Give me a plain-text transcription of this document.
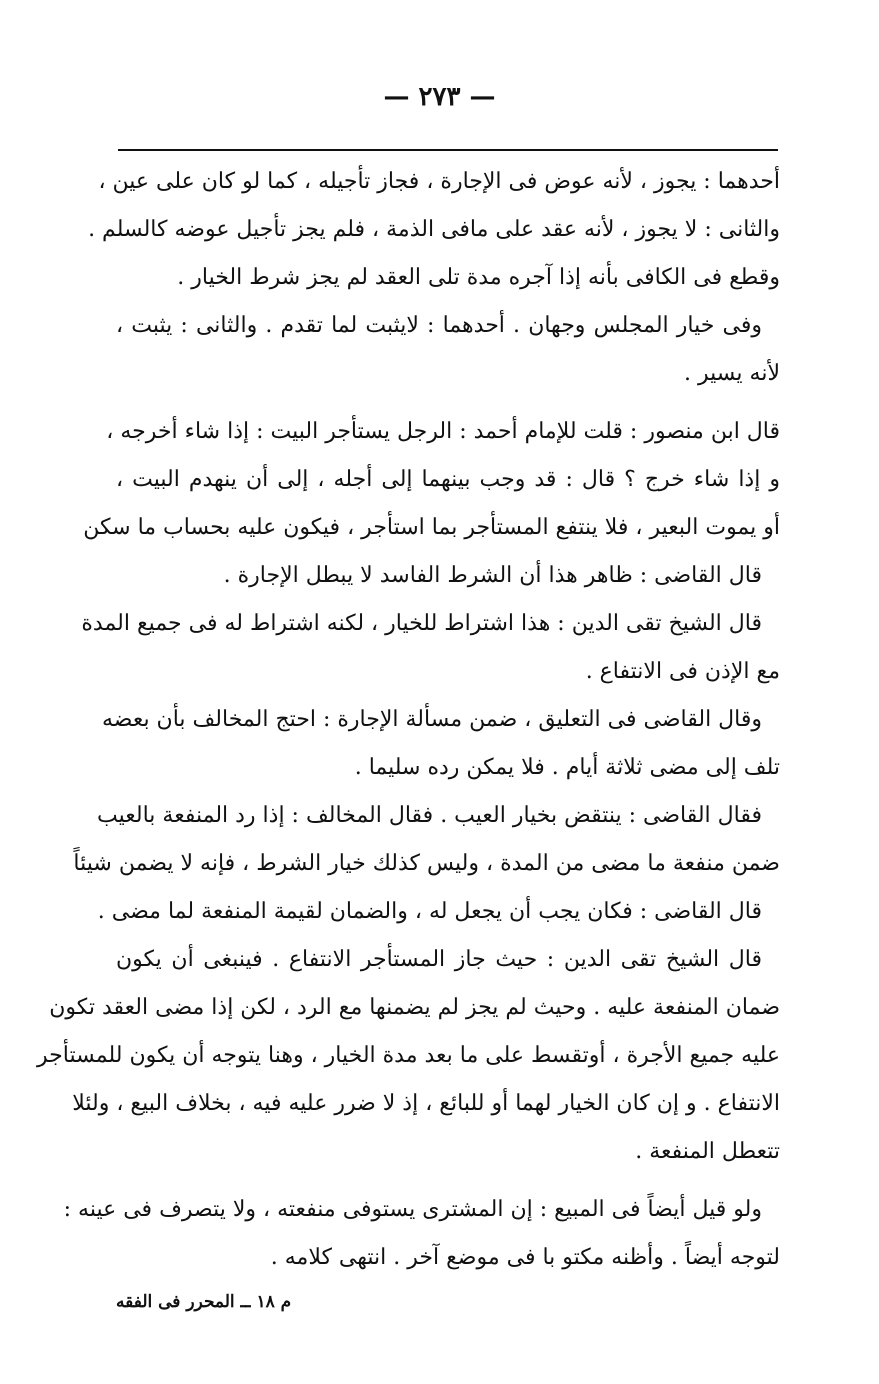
— ٢٧٣ —

أحدهما : يجوز ، لأنه عوض فى الإجارة ، فجاز تأجيله ، كما لو كان على عين ،
والثانى : لا يجوز ، لأنه عقد على مافى الذمة ، فلم يجز تأجيل عوضه كالسلم .

وقطع فى الكافى بأنه إذا آجره مدة تلى العقد لم يجز شرط الخيار .

وفى خيار المجلس وجهان . أحدهما : لايثبت لما تقدم . والثانى : يثبت ،
لأنه يسير .

قال ابن منصور : قلت للإمام أحمد : الرجل يستأجر البيت : إذا شاء أخرجه ،
و إذا شاء خرج ؟ قال : قد وجب بينهما إلى أجله ، إلى أن ينهدم البيت ،
أو يموت البعير ، فلا ينتفع المستأجر بما استأجر ، فيكون عليه بحساب ما سكن

قال القاضى : ظاهر هذا أن الشرط الفاسد لا يبطل الإجارة .

قال الشيخ تقى الدين : هذا اشتراط للخيار ، لكنه اشتراط له فى جميع المدة
مع الإذن فى الانتفاع .

وقال القاضى فى التعليق ، ضمن مسألة الإجارة : احتج المخالف بأن بعضه
تلف إلى مضى ثلاثة أيام . فلا يمكن رده سليما .

فقال القاضى : ينتقض بخيار العيب . فقال المخالف : إذا رد المنفعة بالعيب
ضمن منفعة ما مضى من المدة ، وليس كذلك خيار الشرط ، فإنه لا يضمن شيئاً

قال القاضى : فكان يجب أن يجعل له ، والضمان لقيمة المنفعة لما مضى .

قال الشيخ تقى الدين : حيث جاز المستأجر الانتفاع . فينبغى أن يكون
ضمان المنفعة عليه . وحيث لم يجز لم يضمنها مع الرد ، لكن إذا مضى العقد تكون
عليه جميع الأجرة ، أوتقسط على ما بعد مدة الخيار ، وهنا يتوجه أن يكون للمستأجر
الانتفاع . و إن كان الخيار لهما أو للبائع ، إذ لا ضرر عليه فيه ، بخلاف البيع ، ولئلا
تتعطل المنفعة .

ولو قيل أيضاً فى المبيع : إن المشترى يستوفى منفعته ، ولا يتصرف فى عينه :
لتوجه أيضاً . وأظنه مكتو با فى موضع آخر . انتهى كلامه .

م ١٨ ــ المحرر فى الفقه
